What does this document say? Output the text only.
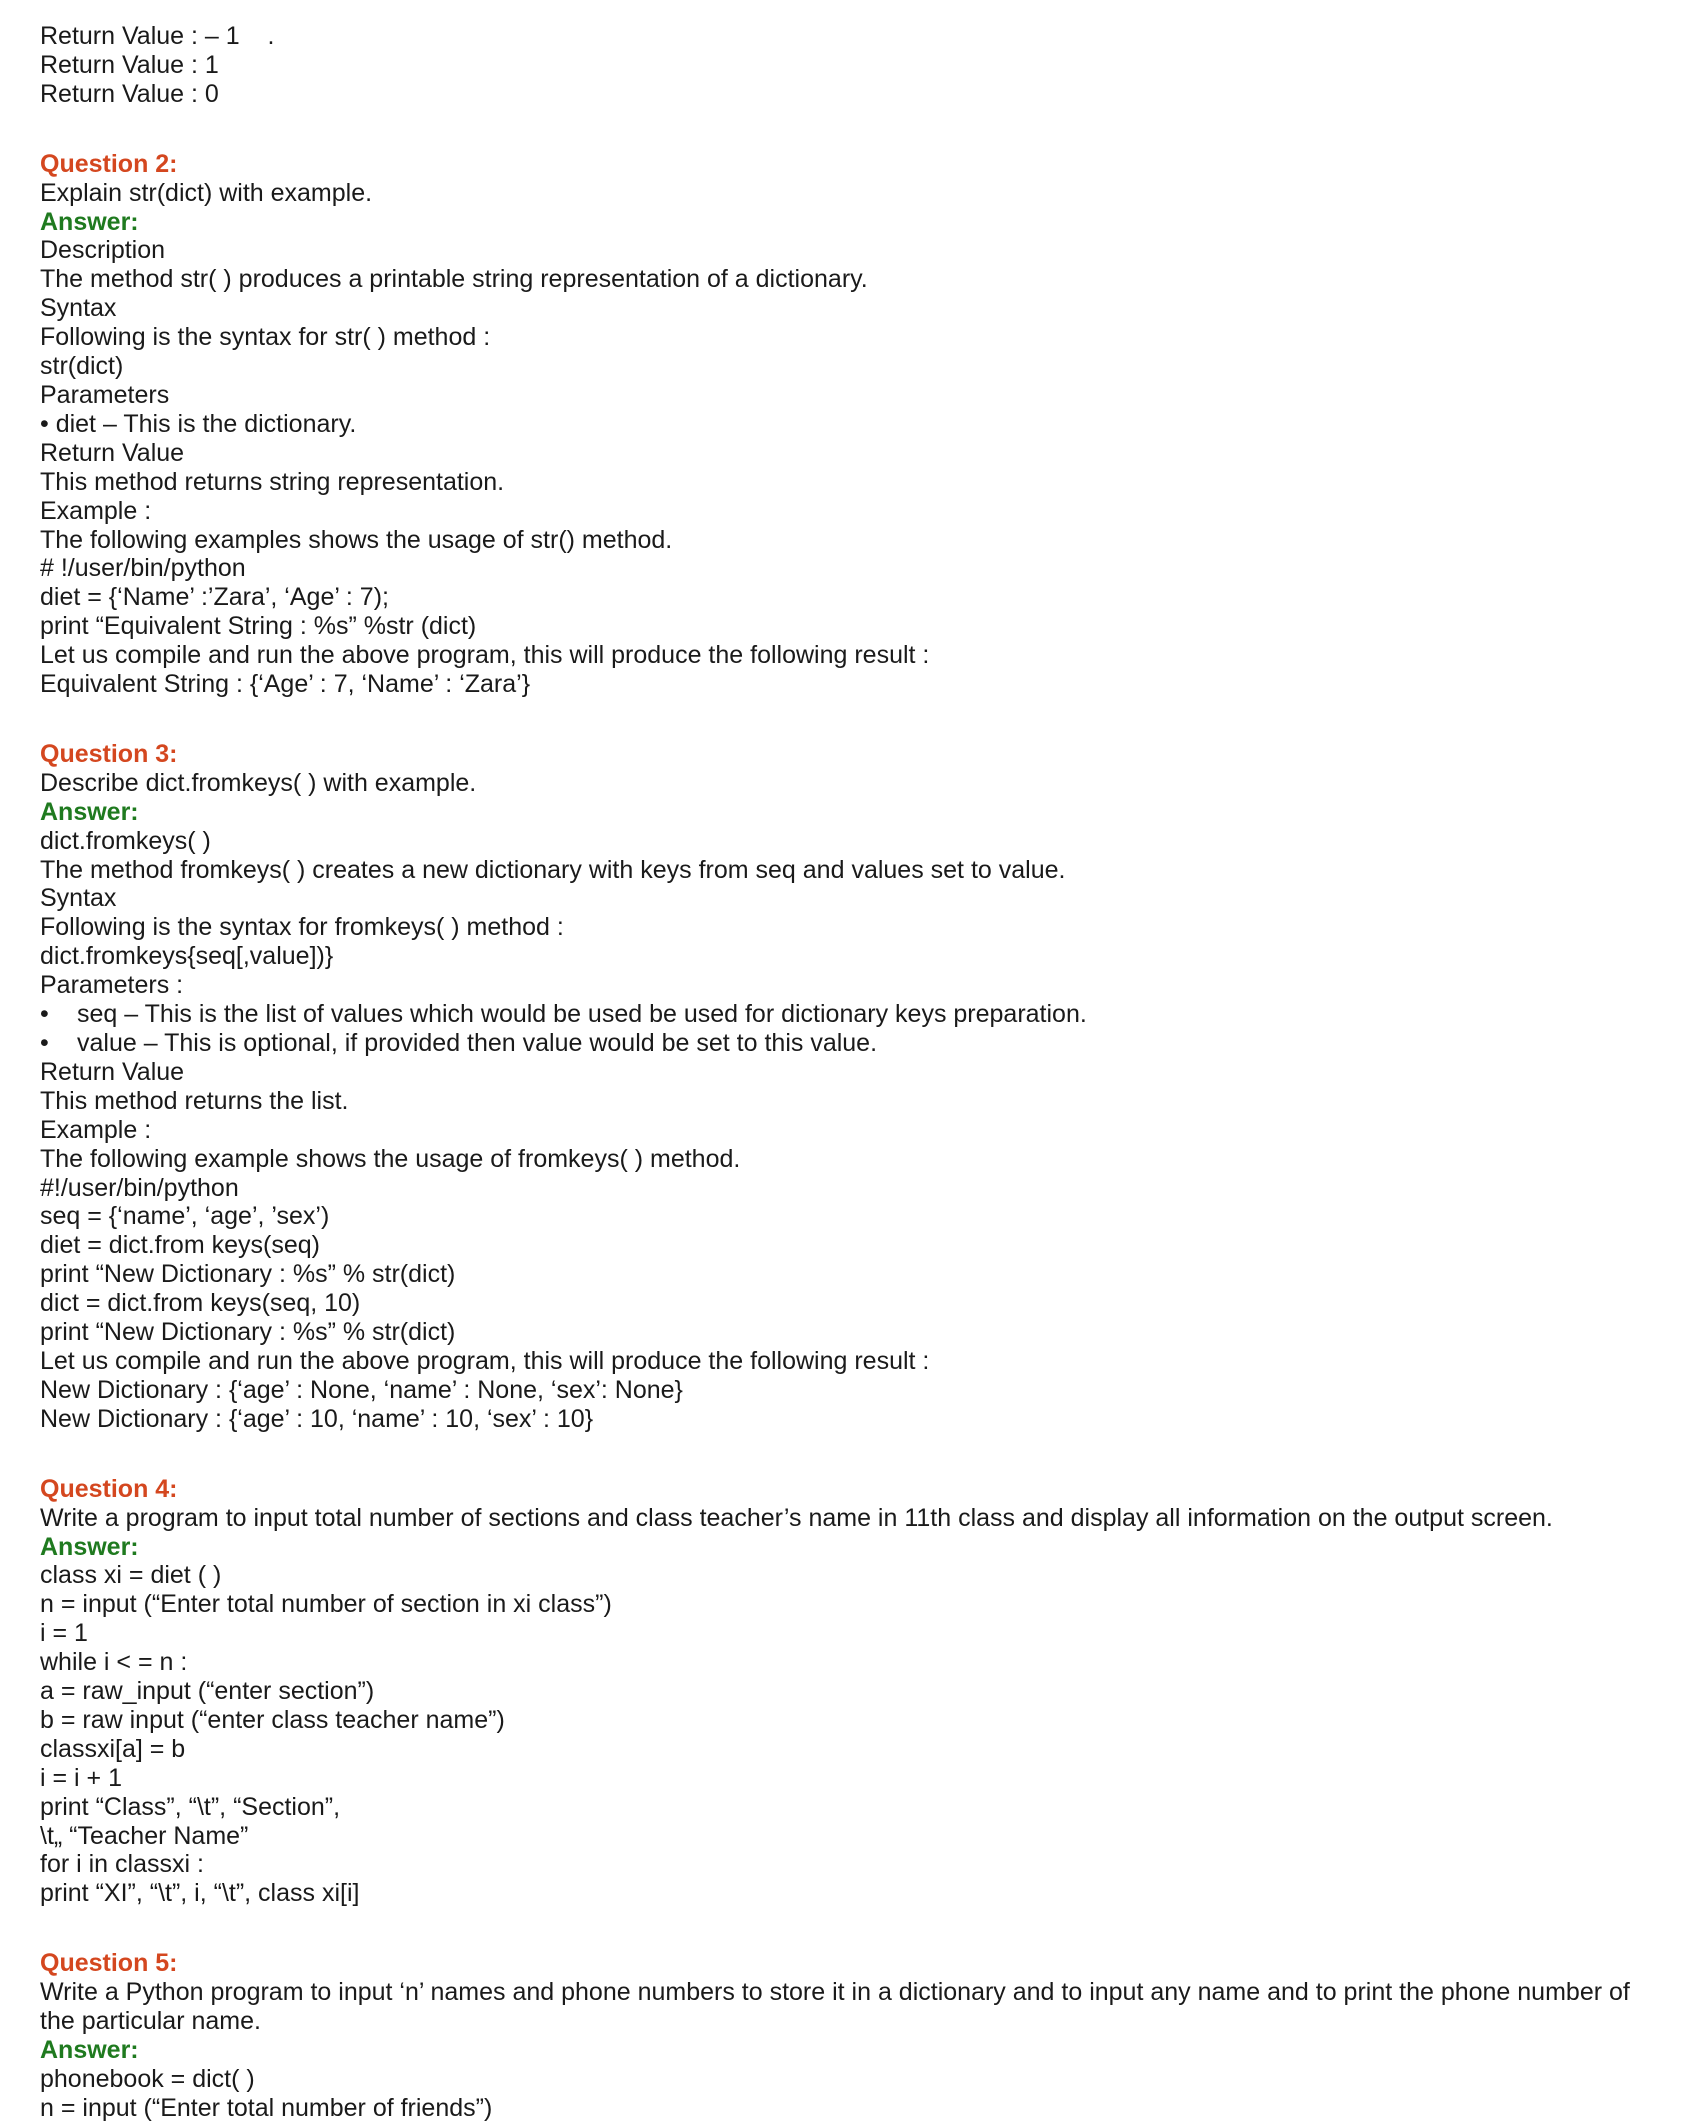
Return Value : – 1    .
Return Value : 1
Return Value : 0
Question 2:
Explain str(dict) with example.
Answer:
Description
The method str( ) produces a printable string representation of a dictionary.
Syntax
Following is the syntax for str( ) method :
str(dict)
Parameters
• diet – This is the dictionary.
Return Value
This method returns string representation.
Example :
The following examples shows the usage of str() method.
# !/user/bin/python
diet = {‘Name’ :’Zara’, ‘Age’ : 7);
print “Equivalent String : %s” %str (dict)
Let us compile and run the above program, this will produce the following result :
Equivalent String : {‘Age’ : 7, ‘Name’ : ‘Zara’}
Question 3:
Describe dict.fromkeys( ) with example.
Answer:
dict.fromkeys( )
The method fromkeys( ) creates a new dictionary with keys from seq and values set to value.
Syntax
Following is the syntax for fromkeys( ) method :
dict.fromkeys{seq[,value])}
Parameters :
• seq – This is the list of values which would be used be used for dictionary keys preparation.
• value – This is optional, if provided then value would be set to this value.
Return Value
This method returns the list.
Example :
The following example shows the usage of fromkeys( ) method.
#!/user/bin/python
seq = {‘name’, ‘age’, ’sex’)
diet = dict.from keys(seq)
print “New Dictionary : %s” % str(dict)
dict = dict.from keys(seq, 10)
print “New Dictionary : %s” % str(dict)
Let us compile and run the above program, this will produce the following result :
New Dictionary : {‘age’ : None, ‘name’ : None, ‘sex’: None}
New Dictionary : {‘age’ : 10, ‘name’ : 10, ‘sex’ : 10}
Question 4:
Write a program to input total number of sections and class teacher’s name in 11th class and display all information on the output screen.
Answer:
class xi = diet ( )
n = input (“Enter total number of section in xi class”)
i = 1
while i < = n :
a = raw_input (“enter section”)
b = raw input (“enter class teacher name”)
classxi[a] = b
i = i + 1
print “Class”, “\t”, “Section”,
\t„ “Teacher Name”
for i in classxi :
print “XI”, “\t”, i, “\t”, class xi[i]
Question 5:
Write a Python program to input ‘n’ names and phone numbers to store it in a dictionary and to input any name and to print the phone number of the particular name.
Answer:
phonebook = dict( )
n = input (“Enter total number of friends”)
